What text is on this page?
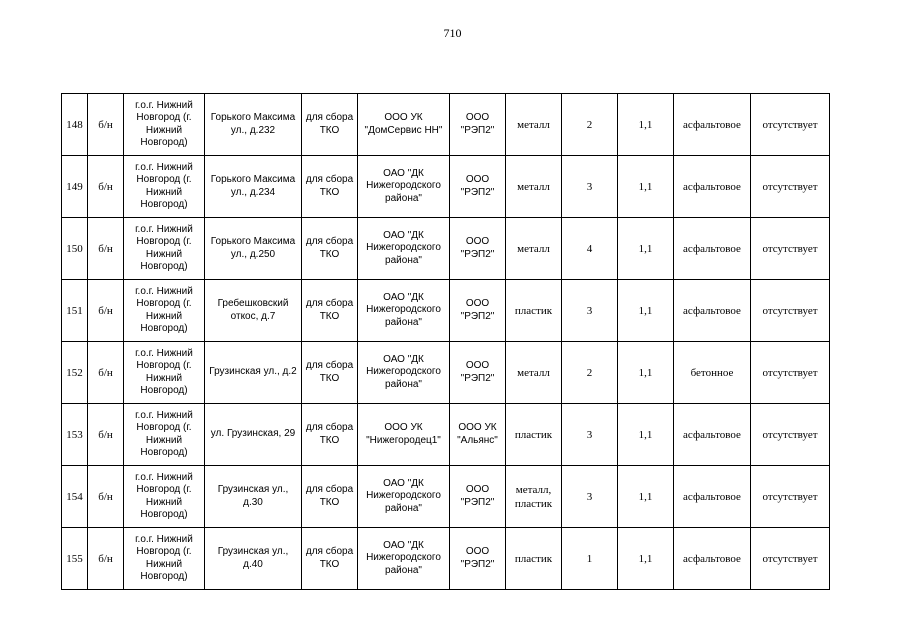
710
148	б/н	г.о.г. Нижний Новгород (г. Нижний Новгород)	Горького Максима ул., д.232	для сбора ТКО	ООО УК "ДомСервис НН"	ООО "РЭП2"	металл	2	1,1	асфальтовое	отсутствует
149	б/н	г.о.г. Нижний Новгород (г. Нижний Новгород)	Горького Максима ул., д.234	для сбора ТКО	ОАО "ДК Нижегородского района"	ООО "РЭП2"	металл	3	1,1	асфальтовое	отсутствует
150	б/н	г.о.г. Нижний Новгород (г. Нижний Новгород)	Горького Максима ул., д.250	для сбора ТКО	ОАО "ДК Нижегородского района"	ООО "РЭП2"	металл	4	1,1	асфальтовое	отсутствует
151	б/н	г.о.г. Нижний Новгород (г. Нижний Новгород)	Гребешковский откос, д.7	для сбора ТКО	ОАО "ДК Нижегородского района"	ООО "РЭП2"	пластик	3	1,1	асфальтовое	отсутствует
152	б/н	г.о.г. Нижний Новгород (г. Нижний Новгород)	Грузинская ул., д.2	для сбора ТКО	ОАО "ДК Нижегородского района"	ООО "РЭП2"	металл	2	1,1	бетонное	отсутствует
153	б/н	г.о.г. Нижний Новгород (г. Нижний Новгород)	ул. Грузинская, 29	для сбора ТКО	ООО УК "Нижегородец1"	ООО УК "Альянс"	пластик	3	1,1	асфальтовое	отсутствует
154	б/н	г.о.г. Нижний Новгород (г. Нижний Новгород)	Грузинская ул., д.30	для сбора ТКО	ОАО "ДК Нижегородского района"	ООО "РЭП2"	металл, пластик	3	1,1	асфальтовое	отсутствует
155	б/н	г.о.г. Нижний Новгород (г. Нижний Новгород)	Грузинская ул., д.40	для сбора ТКО	ОАО "ДК Нижегородского района"	ООО "РЭП2"	пластик	1	1,1	асфальтовое	отсутствует
